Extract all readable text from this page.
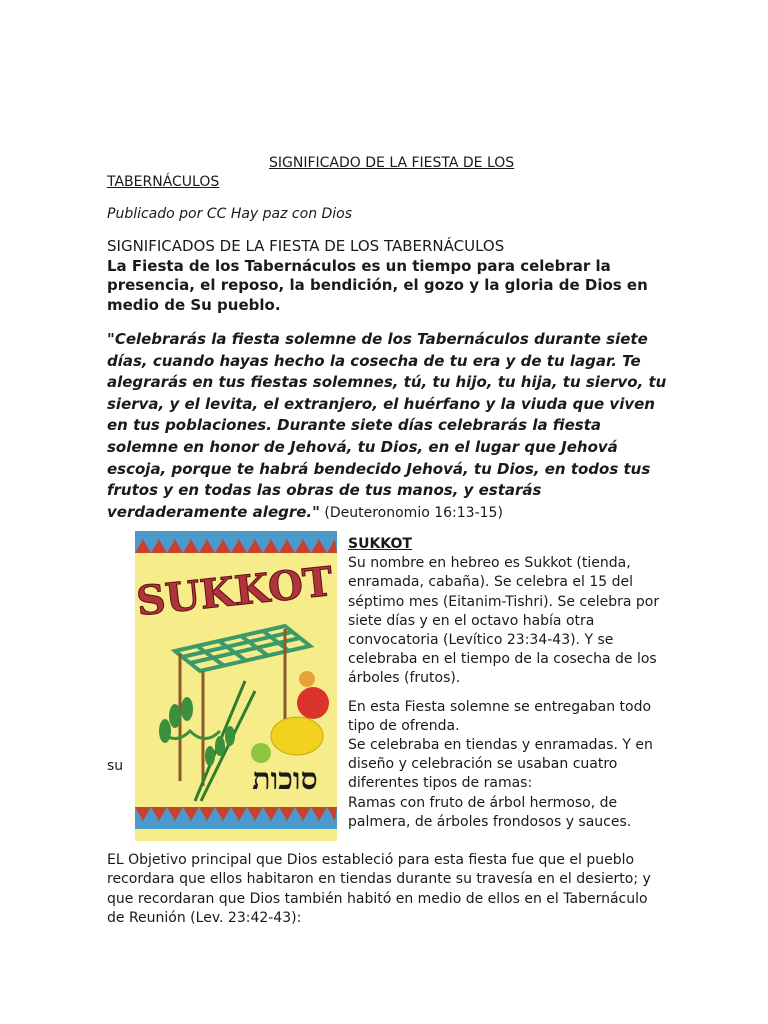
SIGNIFICADO DE LA FIESTA DE LOS
TABERNÁCULOS
Publicado por CC Hay paz con Dios
SIGNIFICADOS DE LA FIESTA DE LOS TABERNÁCULOS
La Fiesta de los Tabernáculos es un tiempo para celebrar la presencia, el reposo, la bendición, el gozo y la gloria de Dios en medio de Su pueblo.
"Celebrarás la fiesta solemne de los Tabernáculos durante siete días, cuando hayas hecho la cosecha de tu era y de tu lagar. Te alegrarás en tus fiestas solemnes, tú, tu hijo, tu hija, tu siervo, tu sierva, y el levita, el extranjero, el huérfano y la viuda que viven en tus poblaciones. Durante siete días celebrarás la fiesta solemne en honor de Jehová, tu Dios, en el lugar que Jehová escoja, porque te habrá bendecido Jehová, tu Dios, en todos tus frutos y en todas las obras de tus manos, y estarás verdaderamente alegre." (Deuteronomio 16:13-15)
SUKKOT
סוכות
su
SUKKOT

Su nombre en hebreo es Sukkot (tienda, enramada, cabaña). Se celebra el 15 del séptimo mes (Eitanim-Tishri). Se celebra por siete días y en el octavo había otra convocatoria (Levítico 23:34-43). Y se celebraba en el tiempo de la cosecha de los árboles (frutos).

En esta Fiesta solemne se entregaban todo tipo de ofrenda.

Se celebraba en tiendas y enramadas. Y en diseño y celebración se usaban cuatro diferentes tipos de ramas:

Ramas con fruto de árbol hermoso, de palmera, de árboles frondosos y sauces.

EL Objetivo principal que Dios estableció para esta fiesta fue que el pueblo recordara que ellos habitaron en tiendas durante su travesía en el desierto; y que recordaran que Dios también habitó en medio de ellos en el Tabernáculo de Reunión (Lev. 23:42-43):
